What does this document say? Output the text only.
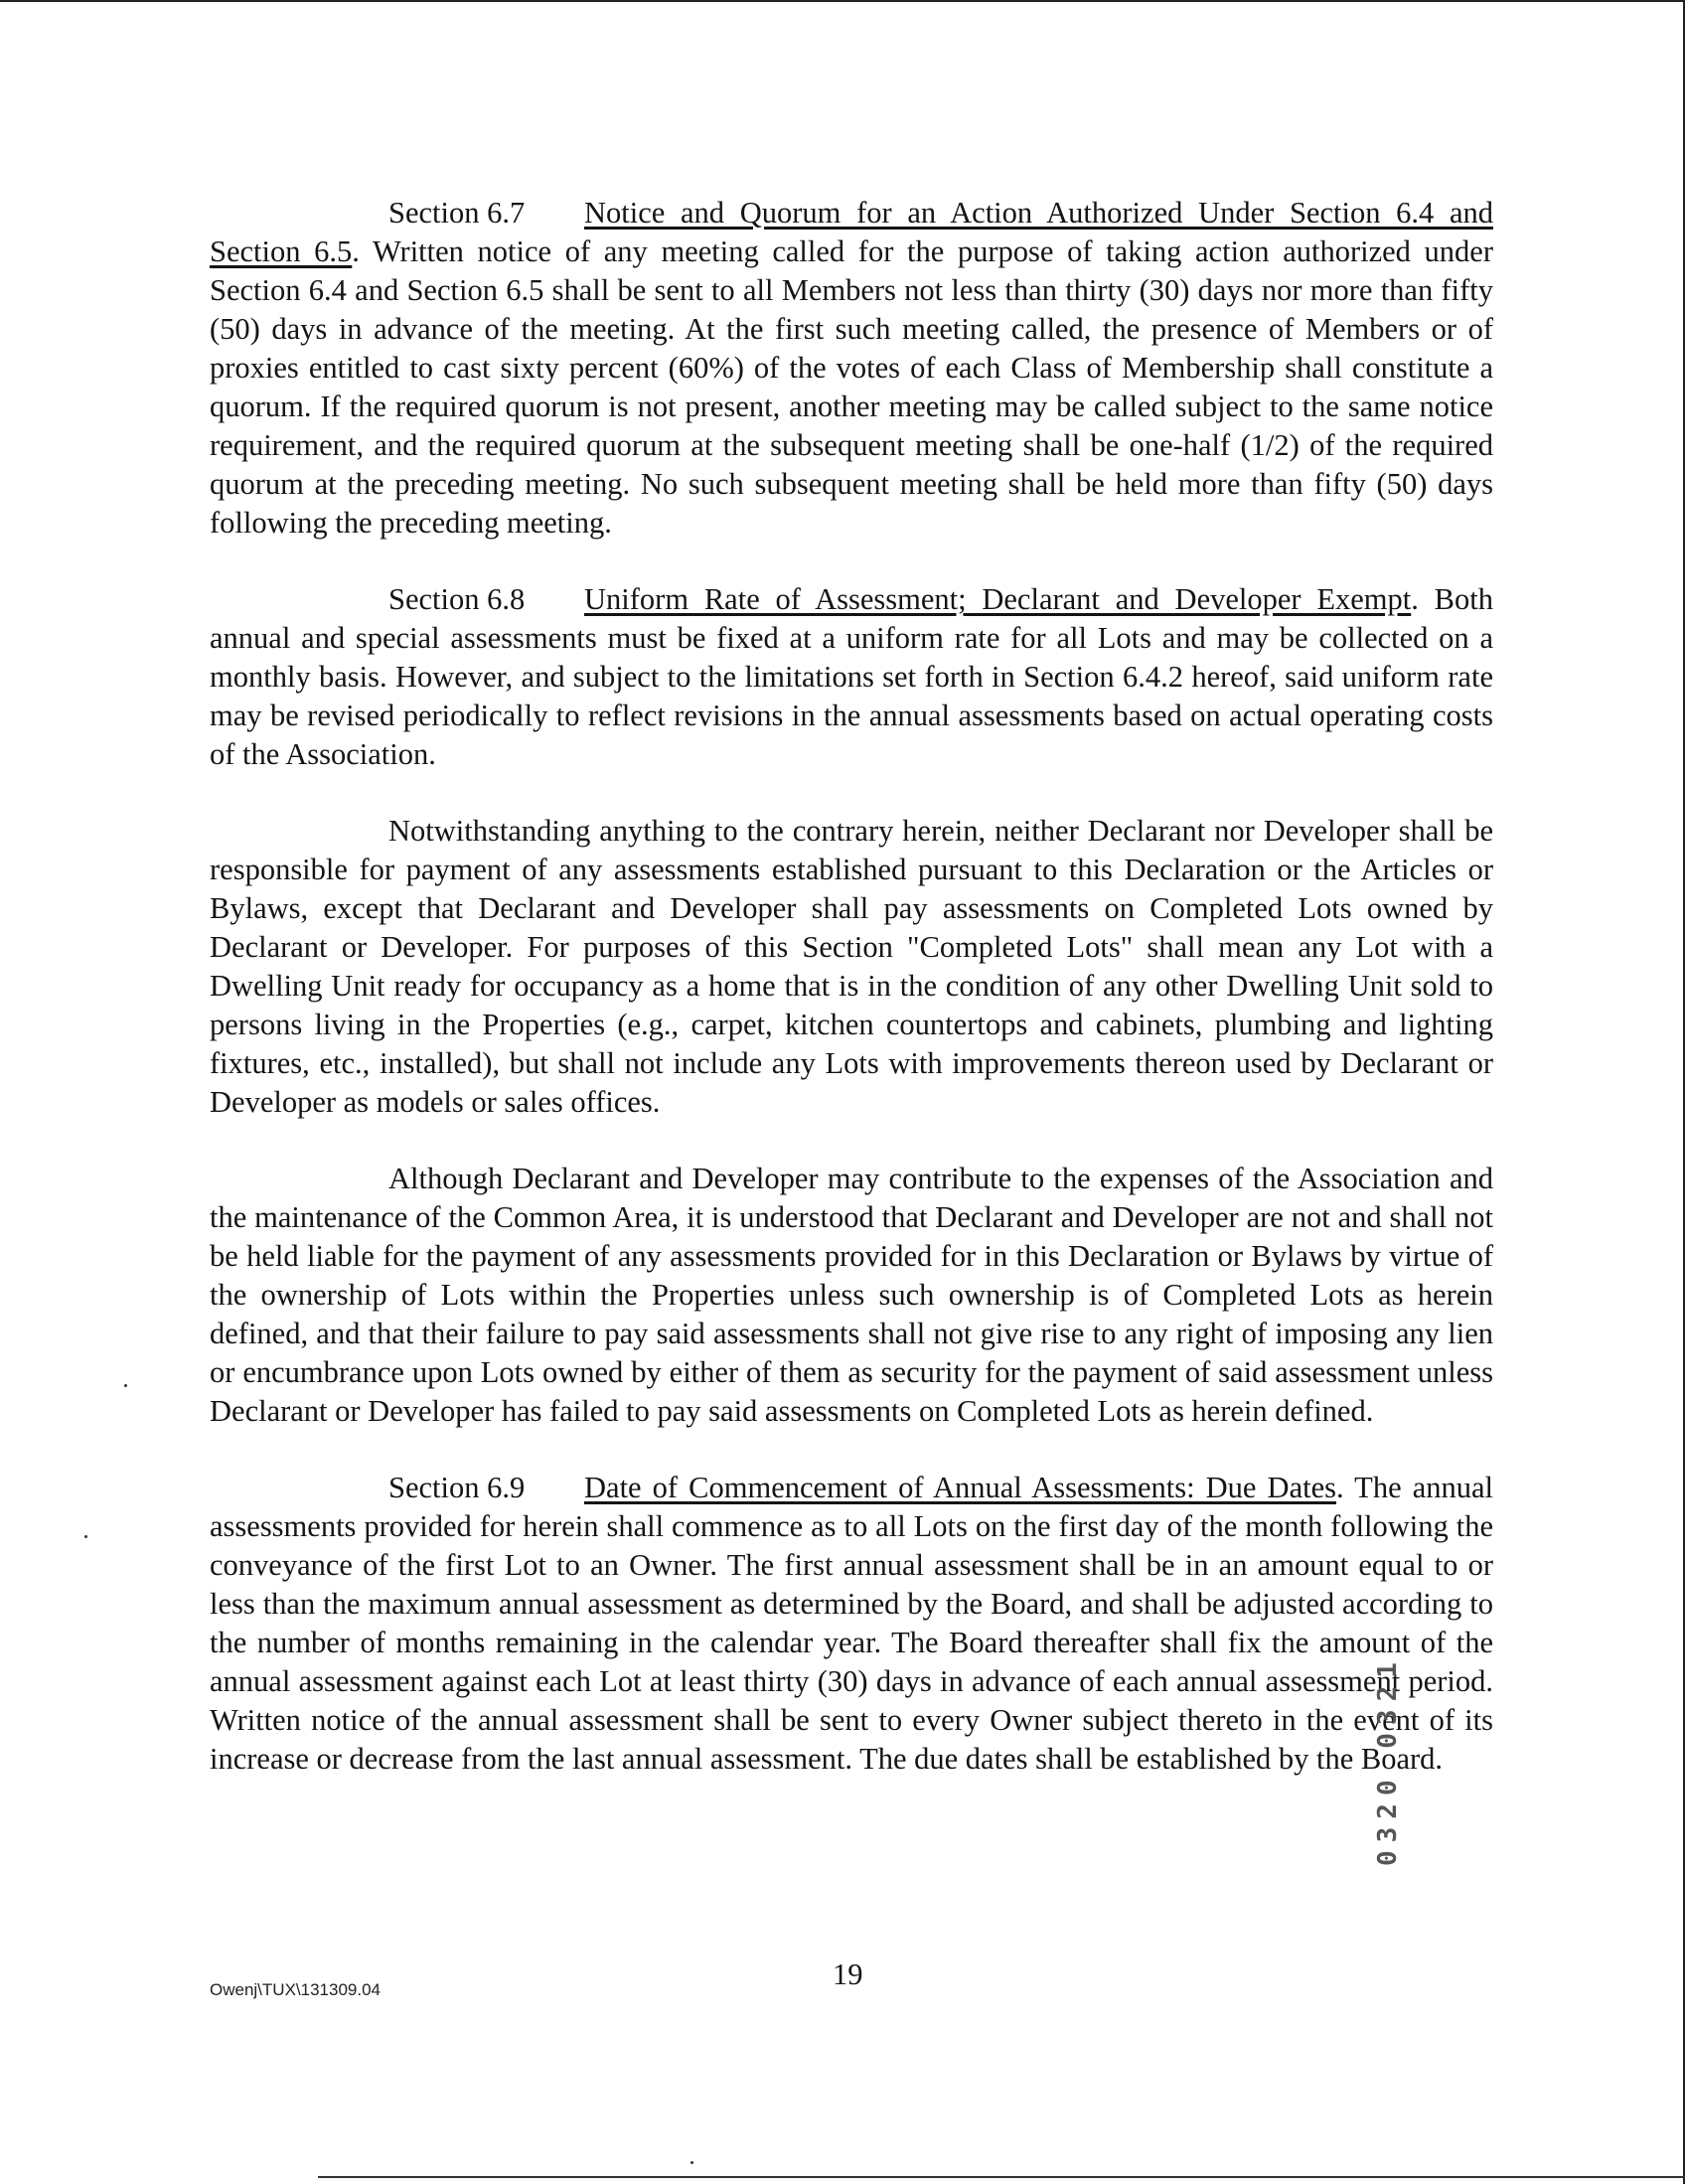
Section 6.7 Notice and Quorum for an Action Authorized Under Section 6.4 and Section 6.5. Written notice of any meeting called for the purpose of taking action authorized under Section 6.4 and Section 6.5 shall be sent to all Members not less than thirty (30) days nor more than fifty (50) days in advance of the meeting. At the first such meeting called, the presence of Members or of proxies entitled to cast sixty percent (60%) of the votes of each Class of Membership shall constitute a quorum. If the required quorum is not present, another meeting may be called subject to the same notice requirement, and the required quorum at the subsequent meeting shall be one-half (1/2) of the required quorum at the preceding meeting. No such subsequent meeting shall be held more than fifty (50) days following the preceding meeting.

Section 6.8 Uniform Rate of Assessment; Declarant and Developer Exempt. Both annual and special assessments must be fixed at a uniform rate for all Lots and may be collected on a monthly basis. However, and subject to the limitations set forth in Section 6.4.2 hereof, said uniform rate may be revised periodically to reflect revisions in the annual assessments based on actual operating costs of the Association.

Notwithstanding anything to the contrary herein, neither Declarant nor Developer shall be responsible for payment of any assessments established pursuant to this Declaration or the Articles or Bylaws, except that Declarant and Developer shall pay assessments on Completed Lots owned by Declarant or Developer. For purposes of this Section "Completed Lots" shall mean any Lot with a Dwelling Unit ready for occupancy as a home that is in the condition of any other Dwelling Unit sold to persons living in the Properties (e.g., carpet, kitchen countertops and cabinets, plumbing and lighting fixtures, etc., installed), but shall not include any Lots with improvements thereon used by Declarant or Developer as models or sales offices.

Although Declarant and Developer may contribute to the expenses of the Association and the maintenance of the Common Area, it is understood that Declarant and Developer are not and shall not be held liable for the payment of any assessments provided for in this Declaration or Bylaws by virtue of the ownership of Lots within the Properties unless such ownership is of Completed Lots as herein defined, and that their failure to pay said assessments shall not give rise to any right of imposing any lien or encumbrance upon Lots owned by either of them as security for the payment of said assessment unless Declarant or Developer has failed to pay said assessments on Completed Lots as herein defined.

Section 6.9 Date of Commencement of Annual Assessments: Due Dates. The annual assessments provided for herein shall commence as to all Lots on the first day of the month following the conveyance of the first Lot to an Owner. The first annual assessment shall be in an amount equal to or less than the maximum annual assessment as determined by the Board, and shall be adjusted according to the number of months remaining in the calendar year. The Board thereafter shall fix the amount of the annual assessment against each Lot at least thirty (30) days in advance of each annual assessment period. Written notice of the annual assessment shall be sent to every Owner subject thereto in the event of its increase or decrease from the last annual assessment. The due dates shall be established by the Board.

Owenj\TUX\131309.04	19
0320 0321
